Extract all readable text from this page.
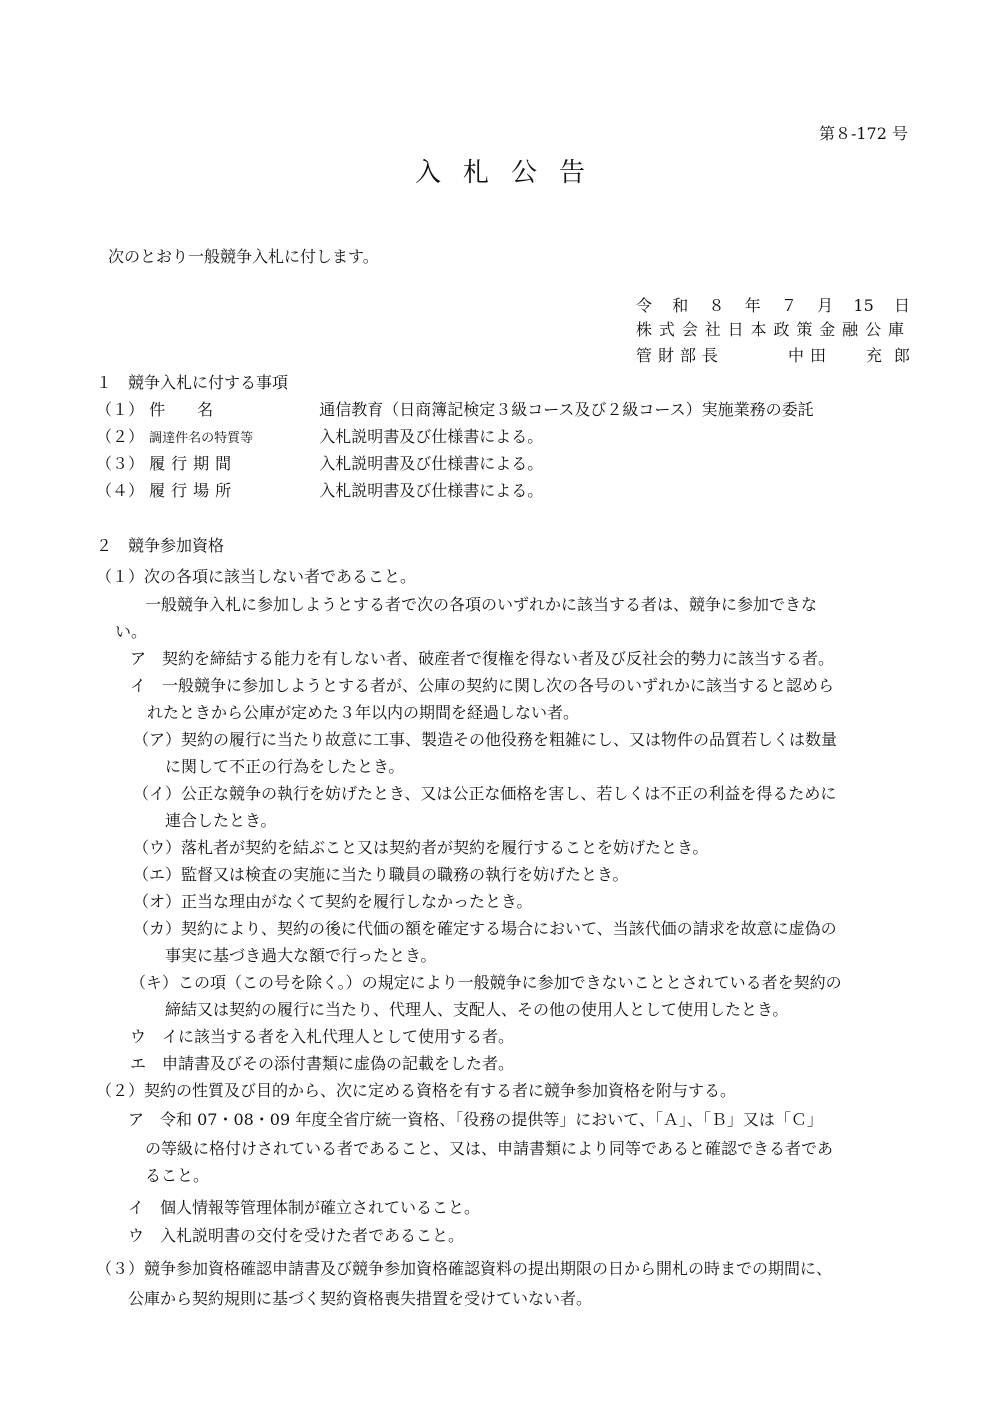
第８-172 号
入札公告
次のとおり一般競争入札に付します。
令 和 ８ 年 ７ 月 15 日
株式会社日本政策金融公庫
管財部長	中田 充郎
１　競争入札に付する事項
（１） 件　　名	通信教育（日商簿記検定３級コース及び２級コース）実施業務の委託
（２） 調達件名の特質等	入札説明書及び仕様書による。
（３） 履行期間	入札説明書及び仕様書による。
（４） 履行場所	入札説明書及び仕様書による。
２　競争参加資格
（１）次の各項に該当しない者であること。
一般競争入札に参加しようとする者で次の各項のいずれかに該当する者は、競争に参加できな
い。
ア　契約を締結する能力を有しない者、破産者で復権を得ない者及び反社会的勢力に該当する者。
イ　一般競争に参加しようとする者が、公庫の契約に関し次の各号のいずれかに該当すると認めら
れたときから公庫が定めた３年以内の期間を経過しない者。
（ア）契約の履行に当たり故意に工事、製造その他役務を粗雑にし、又は物件の品質若しくは数量
に関して不正の行為をしたとき。
（イ）公正な競争の執行を妨げたとき、又は公正な価格を害し、若しくは不正の利益を得るために
連合したとき。
（ウ）落札者が契約を結ぶこと又は契約者が契約を履行することを妨げたとき。
（エ）監督又は検査の実施に当たり職員の職務の執行を妨げたとき。
（オ）正当な理由がなくて契約を履行しなかったとき。
（カ）契約により、契約の後に代価の額を確定する場合において、当該代価の請求を故意に虚偽の
事実に基づき過大な額で行ったとき。
（キ）この項（この号を除く。）の規定により一般競争に参加できないこととされている者を契約の
締結又は契約の履行に当たり、代理人、支配人、その他の使用人として使用したとき。
ウ　イに該当する者を入札代理人として使用する者。
エ　申請書及びその添付書類に虚偽の記載をした者。
（２）契約の性質及び目的から、次に定める資格を有する者に競争参加資格を附与する。
ア　令和 07・08・09 年度全省庁統一資格、「役務の提供等」において、「Ａ」、「Ｂ」又は「Ｃ」
の等級に格付けされている者であること、又は、申請書類により同等であると確認できる者であ
ること。
イ　個人情報等管理体制が確立されていること。
ウ　入札説明書の交付を受けた者であること。
（３）競争参加資格確認申請書及び競争参加資格確認資料の提出期限の日から開札の時までの期間に、
公庫から契約規則に基づく契約資格喪失措置を受けていない者。
